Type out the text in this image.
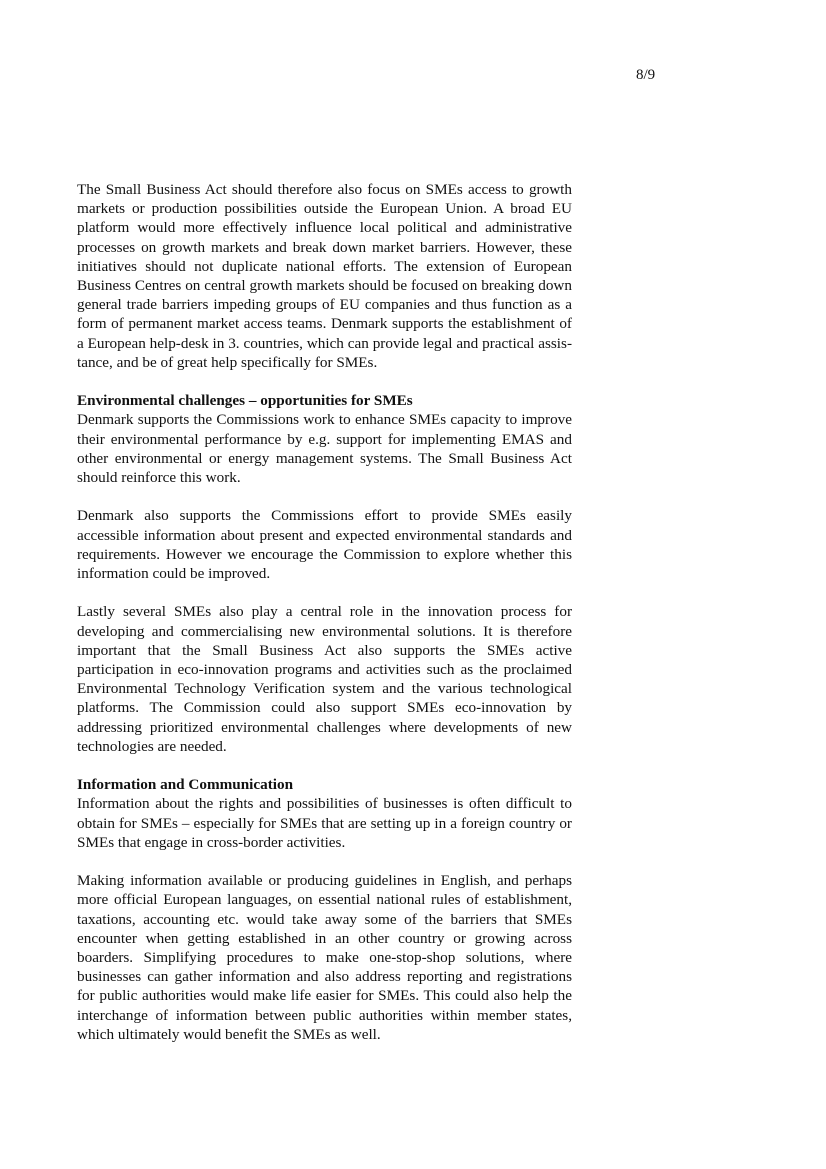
8/9

The Small Business Act should therefore also focus on SMEs access to growth markets or production possibilities outside the European Union. A broad EU platform would more effectively influence local political and administrative processes on growth markets and break down market barriers. However, these initiatives should not duplicate national efforts. The extension of European Business Centres on central growth markets should be focused on breaking down general trade barriers impeding groups of EU companies and thus function as a form of permanent market access teams. Denmark supports the establishment of a European help-desk in 3. countries, which can provide legal and practical assistance, and be of great help specifically for SMEs.

Environmental challenges – opportunities for SMEs

Denmark supports the Commissions work to enhance SMEs capacity to improve their environmental performance by e.g. support for implementing EMAS and other environmental or energy management systems. The Small Business Act should reinforce this work.

Denmark also supports the Commissions effort to provide SMEs easily accessible information about present and expected environmental standards and requirements. However we encourage the Commission to explore whether this information could be improved.

Lastly several SMEs also play a central role in the innovation process for developing and commercialising new environmental solutions. It is therefore important that the Small Business Act also supports the SMEs active participation in eco-innovation programs and activities such as the proclaimed Environmental Technology Verification system and the various technological platforms. The Commission could also support SMEs eco-innovation by addressing prioritized environmental challenges where developments of new technologies are needed.

Information and Communication

Information about the rights and possibilities of businesses is often difficult to obtain for SMEs – especially for SMEs that are setting up in a foreign country or SMEs that engage in cross-border activities.

Making information available or producing guidelines in English, and perhaps more official European languages, on essential national rules of establishment, taxations, accounting etc. would take away some of the barriers that SMEs encounter when getting established in an other country or growing across boarders. Simplifying procedures to make one-stop-shop solutions, where businesses can gather information and also address reporting and registrations for public authorities would make life easier for SMEs. This could also help the interchange of information between public authorities within member states, which ultimately would benefit the SMEs as well.
